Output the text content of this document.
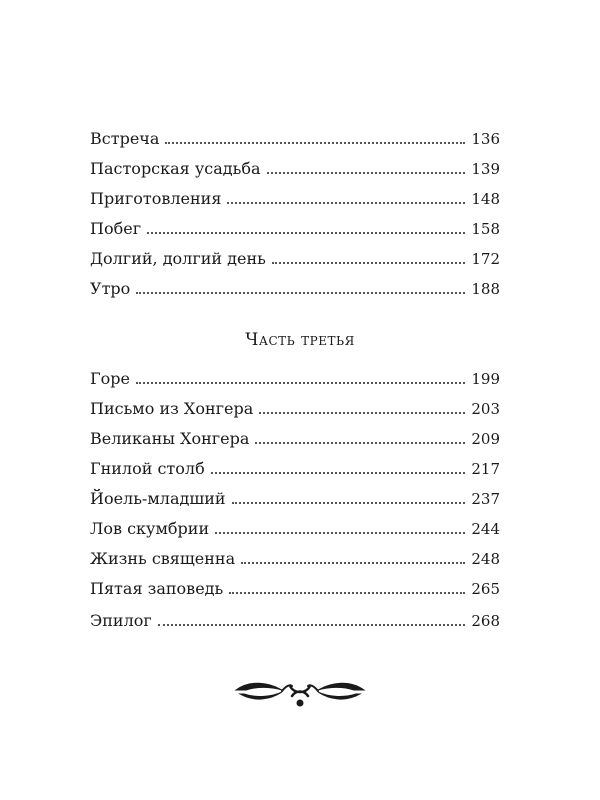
Встреча	136
Пасторская усадьба	139
Приготовления	148
Побег	158
Долгий, долгий день	172
Утро	188
Часть третья
Горе	199
Письмо из Хонгера	203
Великаны Хонгера	209
Гнилой столб	217
Йоель-младший	237
Лов скумбрии	244
Жизнь священна	248
Пятая заповедь	265
Эпилог	268
